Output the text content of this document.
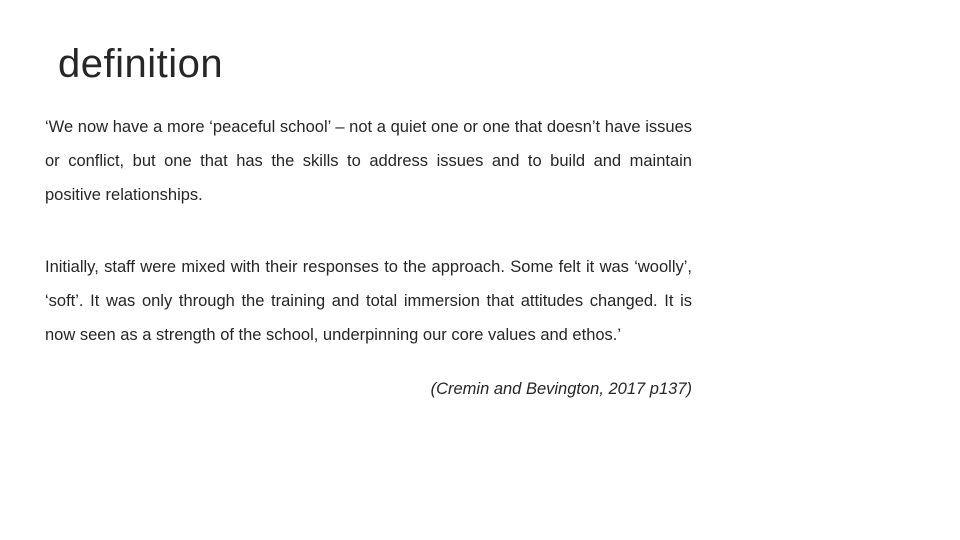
definition

‘We now have a more ‘peaceful school’ – not a quiet one or one that doesn’t have issues or conflict, but one that has the skills to address issues and to build and maintain positive relationships.

Initially, staff were mixed with their responses to the approach. Some felt it was ‘woolly’, ‘soft’. It was only through the training and total immersion that attitudes changed. It is now seen as a strength of the school, underpinning our core values and ethos.’

(Cremin and Bevington, 2017 p137)
